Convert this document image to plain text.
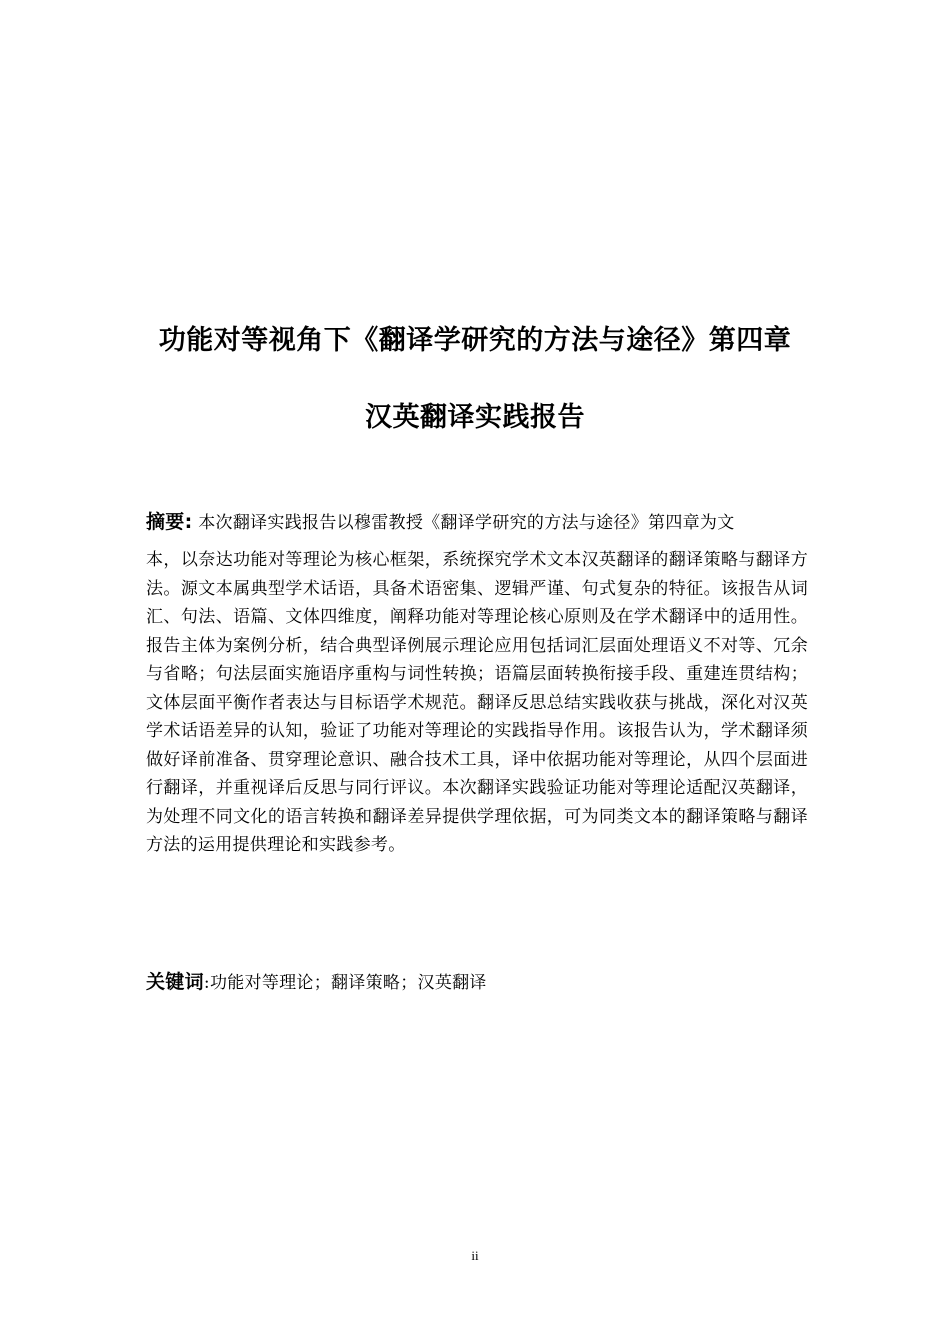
功能对等视角下《翻译学研究的方法与途径》第四章
汉英翻译实践报告
摘要: 本次翻译实践报告以穆雷教授《翻译学研究的方法与途径》第四章为文
本，以奈达功能对等理论为核心框架，系统探究学术文本汉英翻译的翻译策略与翻译方法。源文本属典型学术话语，具备术语密集、逻辑严谨、句式复杂的特征。该报告从词汇、句法、语篇、文体四维度，阐释功能对等理论核心原则及在学术翻译中的适用性。报告主体为案例分析，结合典型译例展示理论应用包括词汇层面处理语义不对等、冗余与省略；句法层面实施语序重构与词性转换；语篇层面转换衔接手段、重建连贯结构；文体层面平衡作者表达与目标语学术规范。翻译反思总结实践收获与挑战，深化对汉英学术话语差异的认知，验证了功能对等理论的实践指导作用。该报告认为，学术翻译须做好译前准备、贯穿理论意识、融合技术工具，译中依据功能对等理论，从四个层面进行翻译，并重视译后反思与同行评议。本次翻译实践验证功能对等理论适配汉英翻译，为处理不同文化的语言转换和翻译差异提供学理依据，可为同类文本的翻译策略与翻译方法的运用提供理论和实践参考。
关键词:功能对等理论；翻译策略；汉英翻译
ii
